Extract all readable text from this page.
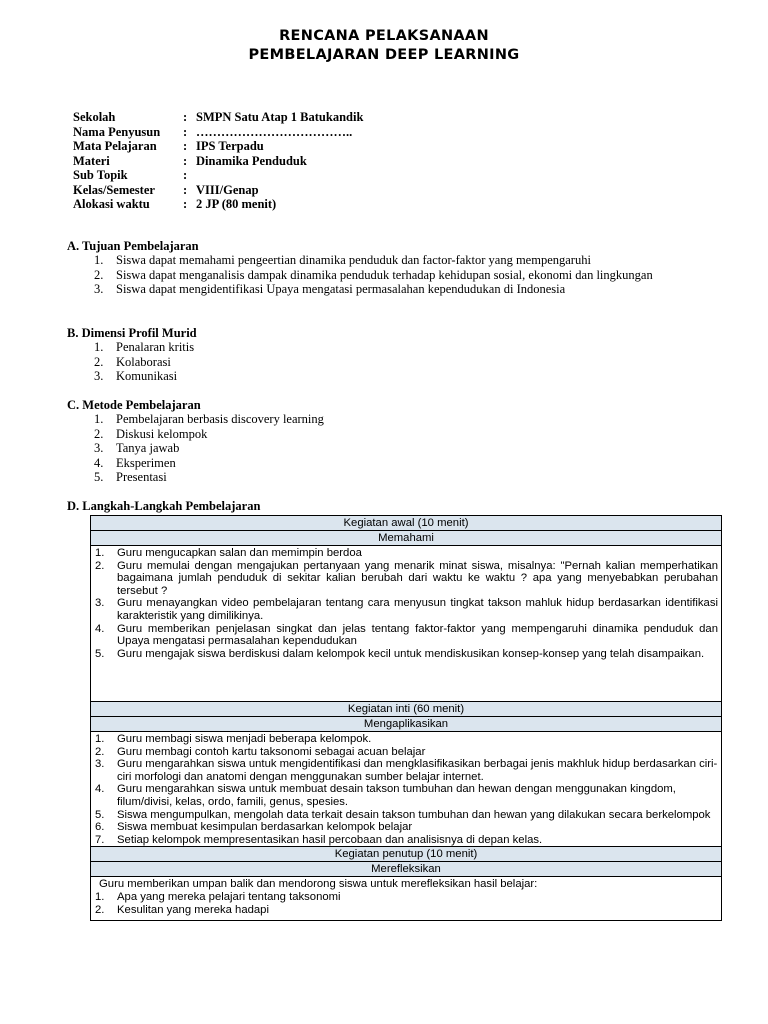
RENCANA PELAKSANAAN
PEMBELAJARAN DEEP LEARNING
Sekolah	: SMPN Satu Atap 1 Batukandik
Nama Penyusun : ………………………………..
Mata Pelajaran : IPS Terpadu
Materi	: Dinamika Penduduk
Sub Topik	:
Kelas/Semester : VIII/Genap
Alokasi waktu	: 2 JP (80 menit)
A. Tujuan Pembelajaran
1. Siswa dapat memahami pengeertian dinamika penduduk dan factor-faktor yang mempengaruhi
2. Siswa dapat menganalisis dampak dinamika penduduk terhadap kehidupan sosial, ekonomi dan lingkungan
3. Siswa dapat mengidentifikasi Upaya mengatasi permasalahan kependudukan di Indonesia
B. Dimensi Profil Murid
1. Penalaran kritis
2. Kolaborasi
3. Komunikasi
C. Metode Pembelajaran
1. Pembelajaran berbasis discovery learning
2. Diskusi kelompok
3. Tanya jawab
4. Eksperimen
5. Presentasi
D. Langkah-Langkah Pembelajaran
Kegiatan awal (10 menit)
Memahami

1. Guru mengucapkan salan dan memimpin berdoa
2. Guru memulai dengan mengajukan pertanyaan yang menarik minat siswa, misalnya: "Pernah kalian memperhatikan bagaimana jumlah penduduk di sekitar kalian berubah dari waktu ke waktu ? apa yang menyebabkan perubahan tersebut ?
3. Guru menayangkan video pembelajaran tentang cara menyusun tingkat takson mahluk hidup berdasarkan identifikasi karakteristik yang dimilikinya.
4. Guru memberikan penjelasan singkat dan jelas tentang faktor-faktor yang mempengaruhi dinamika penduduk dan Upaya mengatasi permasalahan kependudukan
5. Guru mengajak siswa berdiskusi dalam kelompok kecil untuk mendiskusikan konsep-konsep yang telah disampaikan.

Kegiatan inti (60 menit)
Mengaplikasikan

1. Guru membagi siswa menjadi beberapa kelompok.
2. Guru membagi contoh kartu taksonomi sebagai acuan belajar
3. Guru mengarahkan siswa untuk mengidentifikasi dan mengklasifikasikan berbagai jenis makhluk hidup berdasarkan ciri-ciri morfologi dan anatomi dengan menggunakan sumber belajar internet.
4. Guru mengarahkan siswa untuk membuat desain takson tumbuhan dan hewan dengan menggunakan kingdom, filum/divisi, kelas, ordo, famili, genus, spesies.
5. Siswa mengumpulkan, mengolah data terkait desain takson tumbuhan dan hewan yang dilakukan secara berkelompok
6. Siswa membuat kesimpulan berdasarkan kelompok belajar
7. Setiap kelompok mempresentasikan hasil percobaan dan analisisnya di depan kelas.

Kegiatan penutup (10 menit)
Merefleksikan

Guru memberikan umpan balik dan mendorong siswa untuk merefleksikan hasil belajar:
1. Apa yang mereka pelajari tentang taksonomi
2. Kesulitan yang mereka hadapi
